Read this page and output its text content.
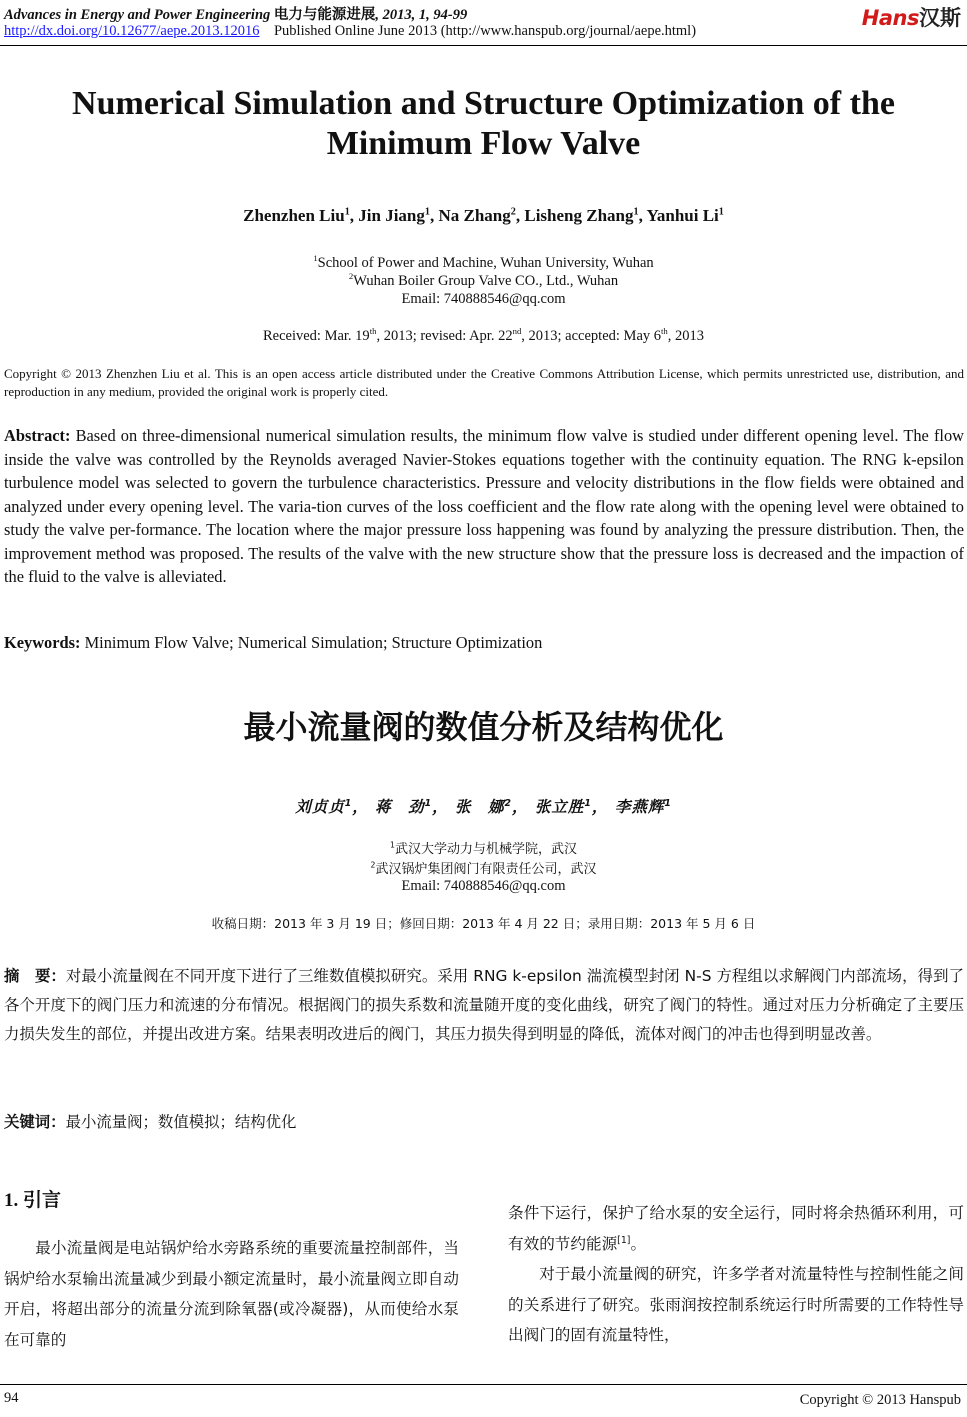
Advances in Energy and Power Engineering 电力与能源进展, 2013, 1, 94-99
http://dx.doi.org/10.12677/aepe.2013.12016 Published Online June 2013 (http://www.hanspub.org/journal/aepe.html)
Hans汉斯
Numerical Simulation and Structure Optimization of the
Minimum Flow Valve
Zhenzhen Liu$^1$, Jin Jiang$^1$, Na Zhang$^2$, Lisheng Zhang$^1$, Yanhui Li$^1$
$^1$School of Power and Machine, Wuhan University, Wuhan
$^2$Wuhan Boiler Group Valve CO., Ltd., Wuhan
Email: 740888546@qq.com
Received: Mar. 19th, 2013; revised: Apr. 22nd, 2013; accepted: May 6th, 2013
Copyright © 2013 Zhenzhen Liu et al. This is an open access article distributed under the Creative Commons Attribution License, which permits unrestricted use, distribution, and reproduction in any medium, provided the original work is properly cited.
Abstract: Based on three-dimensional numerical simulation results, the minimum flow valve is studied under different opening level. The flow inside the valve was controlled by the Reynolds averaged Navier-Stokes equations together with the continuity equation. The RNG k-epsilon turbulence model was selected to govern the turbulence characteristics. Pressure and velocity distributions in the flow fields were obtained and analyzed under every opening level. The varia-tion curves of the loss coefficient and the flow rate along with the opening level were obtained to study the valve per-formance. The location where the major pressure loss happening was found by analyzing the pressure distribution. Then, the improvement method was proposed. The results of the valve with the new structure show that the pressure loss is decreased and the impaction of the fluid to the valve is alleviated.
Keywords: Minimum Flow Valve; Numerical Simulation; Structure Optimization
最小流量阀的数值分析及结构优化
刘贞贞$^1$， 蒋　劲$^1$， 张　娜$^2$， 张立胜$^1$， 李燕辉$^1$
$^1$武汉大学动力与机械学院，武汉
$^2$武汉锅炉集团阀门有限责任公司，武汉
Email: 740888546@qq.com
收稿日期：2013 年 3 月 19 日；修回日期：2013 年 4 月 22 日；录用日期：2013 年 5 月 6 日
摘　要：对最小流量阀在不同开度下进行了三维数值模拟研究。采用 RNG k-epsilon 湍流模型封闭 N-S 方程组以求解阀门内部流场，得到了各个开度下的阀门压力和流速的分布情况。根据阀门的损失系数和流量随开度的变化曲线，研究了阀门的特性。通过对压力分析确定了主要压力损失发生的部位，并提出改进方案。结果表明改进后的阀门，其压力损失得到明显的降低，流体对阀门的冲击也得到明显改善。
关键词：最小流量阀；数值模拟；结构优化
1. 引言

最小流量阀是电站锅炉给水旁路系统的重要流量控制部件，当锅炉给水泵输出流量减少到最小额定流量时，最小流量阀立即自动开启，将超出部分的流量分流到除氧器(或冷凝器)，从而使给水泵在可靠的

条件下运行，保护了给水泵的安全运行，同时将余热循环利用，可有效的节约能源[1]。

对于最小流量阀的研究，许多学者对流量特性与控制性能之间的关系进行了研究。张雨润按控制系统运行时所需要的工作特性导出阀门的固有流量特性，

94	Copyright © 2013 Hanspub
